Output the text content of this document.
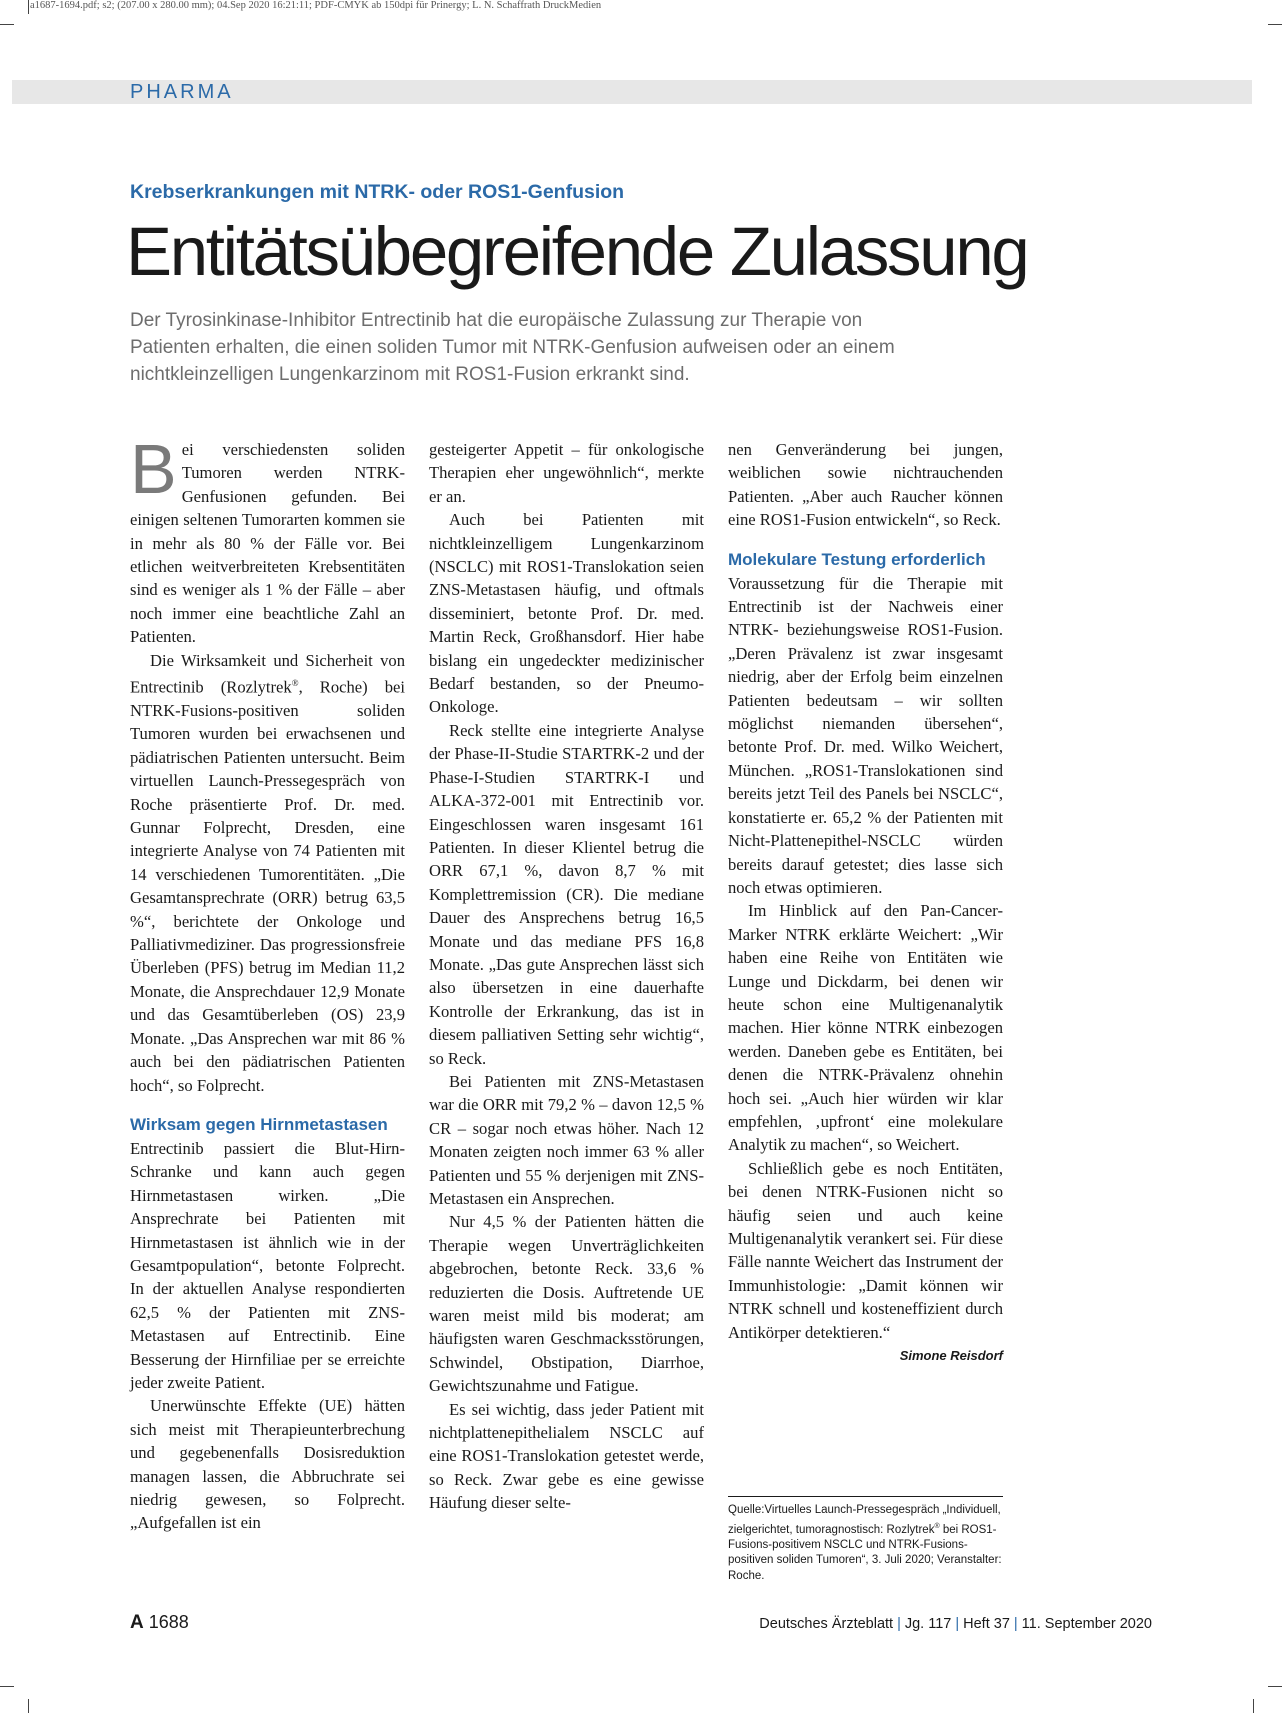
a1687-1694.pdf; s2; (207.00 x 280.00 mm); 04.Sep 2020 16:21:11; PDF-CMYK ab 150dpi für Prinergy; L. N. Schaffrath DruckMedien
PHARMA
Krebserkrankungen mit NTRK- oder ROS1-Genfusion
Entitätsübegreifende Zulassung
Der Tyrosinkinase-Inhibitor Entrectinib hat die europäische Zulassung zur Therapie von
Patienten erhalten, die einen soliden Tumor mit NTRK-Genfusion aufweisen oder an einem
nichtkleinzelligen Lungenkarzinom mit ROS1-Fusion erkrankt sind.

Bei verschiedensten soliden Tumoren werden NTRK-Genfusionen gefunden. Bei einigen seltenen Tumorarten kommen sie in mehr als 80 % der Fälle vor. Bei etlichen weitverbreiteten Krebsentitäten sind es weniger als 1 % der Fälle – aber noch immer eine beachtliche Zahl an Patienten.

Die Wirksamkeit und Sicherheit von Entrectinib (Rozlytrek®, Roche) bei NTRK-Fusions-positiven soliden Tumoren wurden bei erwachsenen und pädiatrischen Patienten untersucht. Beim virtuellen Launch-Pressegespräch von Roche präsentierte Prof. Dr. med. Gunnar Folprecht, Dresden, eine integrierte Analyse von 74 Patienten mit 14 verschiedenen Tumorentitäten. „Die Gesamtansprechrate (ORR) betrug 63,5 %“, berichtete der Onkologe und Palliativmediziner. Das progressionsfreie Überleben (PFS) betrug im Median 11,2 Monate, die Ansprechdauer 12,9 Monate und das Gesamtüberleben (OS) 23,9 Monate. „Das Ansprechen war mit 86 % auch bei den pädiatrischen Patienten hoch“, so Folprecht.

Wirksam gegen Hirnmetastasen

Entrectinib passiert die Blut-Hirn-Schranke und kann auch gegen Hirnmetastasen wirken. „Die Ansprechrate bei Patienten mit Hirnmetastasen ist ähnlich wie in der Gesamtpopulation“, betonte Folprecht. In der aktuellen Analyse respondierten 62,5 % der Patienten mit ZNS-Metastasen auf Entrectinib. Eine Besserung der Hirnfiliae per se erreichte jeder zweite Patient.

Unerwünschte Effekte (UE) hätten sich meist mit Therapieunterbrechung und gegebenenfalls Dosisreduktion managen lassen, die Abbruchrate sei niedrig gewesen, so Folprecht. „Aufgefallen ist ein

gesteigerter Appetit – für onkologische Therapien eher ungewöhnlich“, merkte er an.

Auch bei Patienten mit nichtkleinzelligem Lungenkarzinom (NSCLC) mit ROS1-Translokation seien ZNS-Metastasen häufig, und oftmals disseminiert, betonte Prof. Dr. med. Martin Reck, Großhansdorf. Hier habe bislang ein ungedeckter medizinischer Bedarf bestanden, so der Pneumo-Onkologe.

Reck stellte eine integrierte Analyse der Phase-II-Studie STARTRK-2 und der Phase-I-Studien STARTRK-I und ALKA-372-001 mit Entrectinib vor. Eingeschlossen waren insgesamt 161 Patienten. In dieser Klientel betrug die ORR 67,1 %, davon 8,7 % mit Komplettremission (CR). Die mediane Dauer des Ansprechens betrug 16,5 Monate und das mediane PFS 16,8 Monate. „Das gute Ansprechen lässt sich also übersetzen in eine dauerhafte Kontrolle der Erkrankung, das ist in diesem palliativen Setting sehr wichtig“, so Reck.

Bei Patienten mit ZNS-Metastasen war die ORR mit 79,2 % – davon 12,5 % CR – sogar noch etwas höher. Nach 12 Monaten zeigten noch immer 63 % aller Patienten und 55 % derjenigen mit ZNS-Metastasen ein Ansprechen.

Nur 4,5 % der Patienten hätten die Therapie wegen Unverträglichkeiten abgebrochen, betonte Reck. 33,6 % reduzierten die Dosis. Auftretende UE waren meist mild bis moderat; am häufigsten waren Geschmacksstörungen, Schwindel, Obstipation, Diarrhoe, Gewichtszunahme und Fatigue.

Es sei wichtig, dass jeder Patient mit nichtplattenepithelialem NSCLC auf eine ROS1-Translokation getestet werde, so Reck. Zwar gebe es eine gewisse Häufung dieser selte-

nen Genveränderung bei jungen, weiblichen sowie nichtrauchenden Patienten. „Aber auch Raucher können eine ROS1-Fusion entwickeln“, so Reck.

Molekulare Testung erforderlich

Voraussetzung für die Therapie mit Entrectinib ist der Nachweis einer NTRK- beziehungsweise ROS1-Fusion. „Deren Prävalenz ist zwar insgesamt niedrig, aber der Erfolg beim einzelnen Patienten bedeutsam – wir sollten möglichst niemanden übersehen“, betonte Prof. Dr. med. Wilko Weichert, München. „ROS1-Translokationen sind bereits jetzt Teil des Panels bei NSCLC“, konstatierte er. 65,2 % der Patienten mit Nicht-Plattenepithel-NSCLC würden bereits darauf getestet; dies lasse sich noch etwas optimieren.

Im Hinblick auf den Pan-Cancer-Marker NTRK erklärte Weichert: „Wir haben eine Reihe von Entitäten wie Lunge und Dickdarm, bei denen wir heute schon eine Multigenanalytik machen. Hier könne NTRK einbezogen werden. Daneben gebe es Entitäten, bei denen die NTRK-Prävalenz ohnehin hoch sei. „Auch hier würden wir klar empfehlen, ‚upfront‘ eine molekulare Analytik zu machen“, so Weichert.

Schließlich gebe es noch Entitäten, bei denen NTRK-Fusionen nicht so häufig seien und auch keine Multigenanalytik verankert sei. Für diese Fälle nannte Weichert das Instrument der Immunhistologie: „Damit können wir NTRK schnell und kosteneffizient durch Antikörper detektieren.“
Simone Reisdorf

Quelle:Virtuelles Launch-Pressegespräch „Individuell, zielgerichtet, tumoragnostisch: Rozlytrek® bei ROS1-Fusions-positivem NSCLC und NTRK-Fusions-positiven soliden Tumoren“, 3. Juli 2020; Veranstalter: Roche.
A 1688	Deutsches Ärzteblatt | Jg. 117 | Heft 37 | 11. September 2020
